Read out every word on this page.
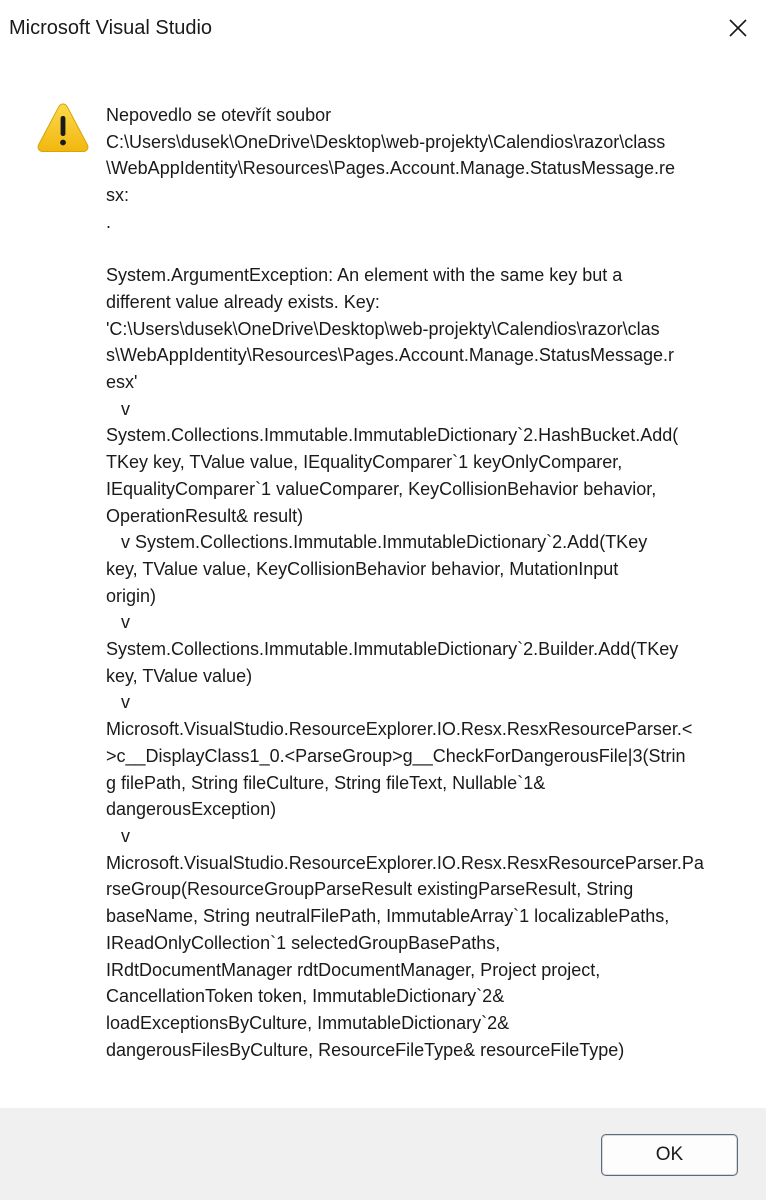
Microsoft Visual Studio
Nepovedlo se otevřít soubor
C:\Users\dusek\OneDrive\Desktop\web-projekty\Calendios\razor\class
\WebAppIdentity\Resources\Pages.Account.Manage.StatusMessage.re
sx:
.

System.ArgumentException: An element with the same key but a
different value already exists. Key:
'C:\Users\dusek\OneDrive\Desktop\web-projekty\Calendios\razor\clas
s\WebAppIdentity\Resources\Pages.Account.Manage.StatusMessage.r
esx'
v
System.Collections.Immutable.ImmutableDictionary`2.HashBucket.Add(
TKey key, TValue value, IEqualityComparer`1 keyOnlyComparer,
IEqualityComparer`1 valueComparer, KeyCollisionBehavior behavior,
OperationResult& result)
v System.Collections.Immutable.ImmutableDictionary`2.Add(TKey
key, TValue value, KeyCollisionBehavior behavior, MutationInput
origin)
v
System.Collections.Immutable.ImmutableDictionary`2.Builder.Add(TKey
key, TValue value)
v
Microsoft.VisualStudio.ResourceExplorer.IO.Resx.ResxResourceParser.<
>c__DisplayClass1_0.<ParseGroup>g__CheckForDangerousFile|3(Strin
g filePath, String fileCulture, String fileText, Nullable`1&
dangerousException)
v
Microsoft.VisualStudio.ResourceExplorer.IO.Resx.ResxResourceParser.Pa
rseGroup(ResourceGroupParseResult existingParseResult, String
baseName, String neutralFilePath, ImmutableArray`1 localizablePaths,
IReadOnlyCollection`1 selectedGroupBasePaths,
IRdtDocumentManager rdtDocumentManager, Project project,
CancellationToken token, ImmutableDictionary`2&
loadExceptionsByCulture, ImmutableDictionary`2&
dangerousFilesByCulture, ResourceFileType& resourceFileType)
OK
